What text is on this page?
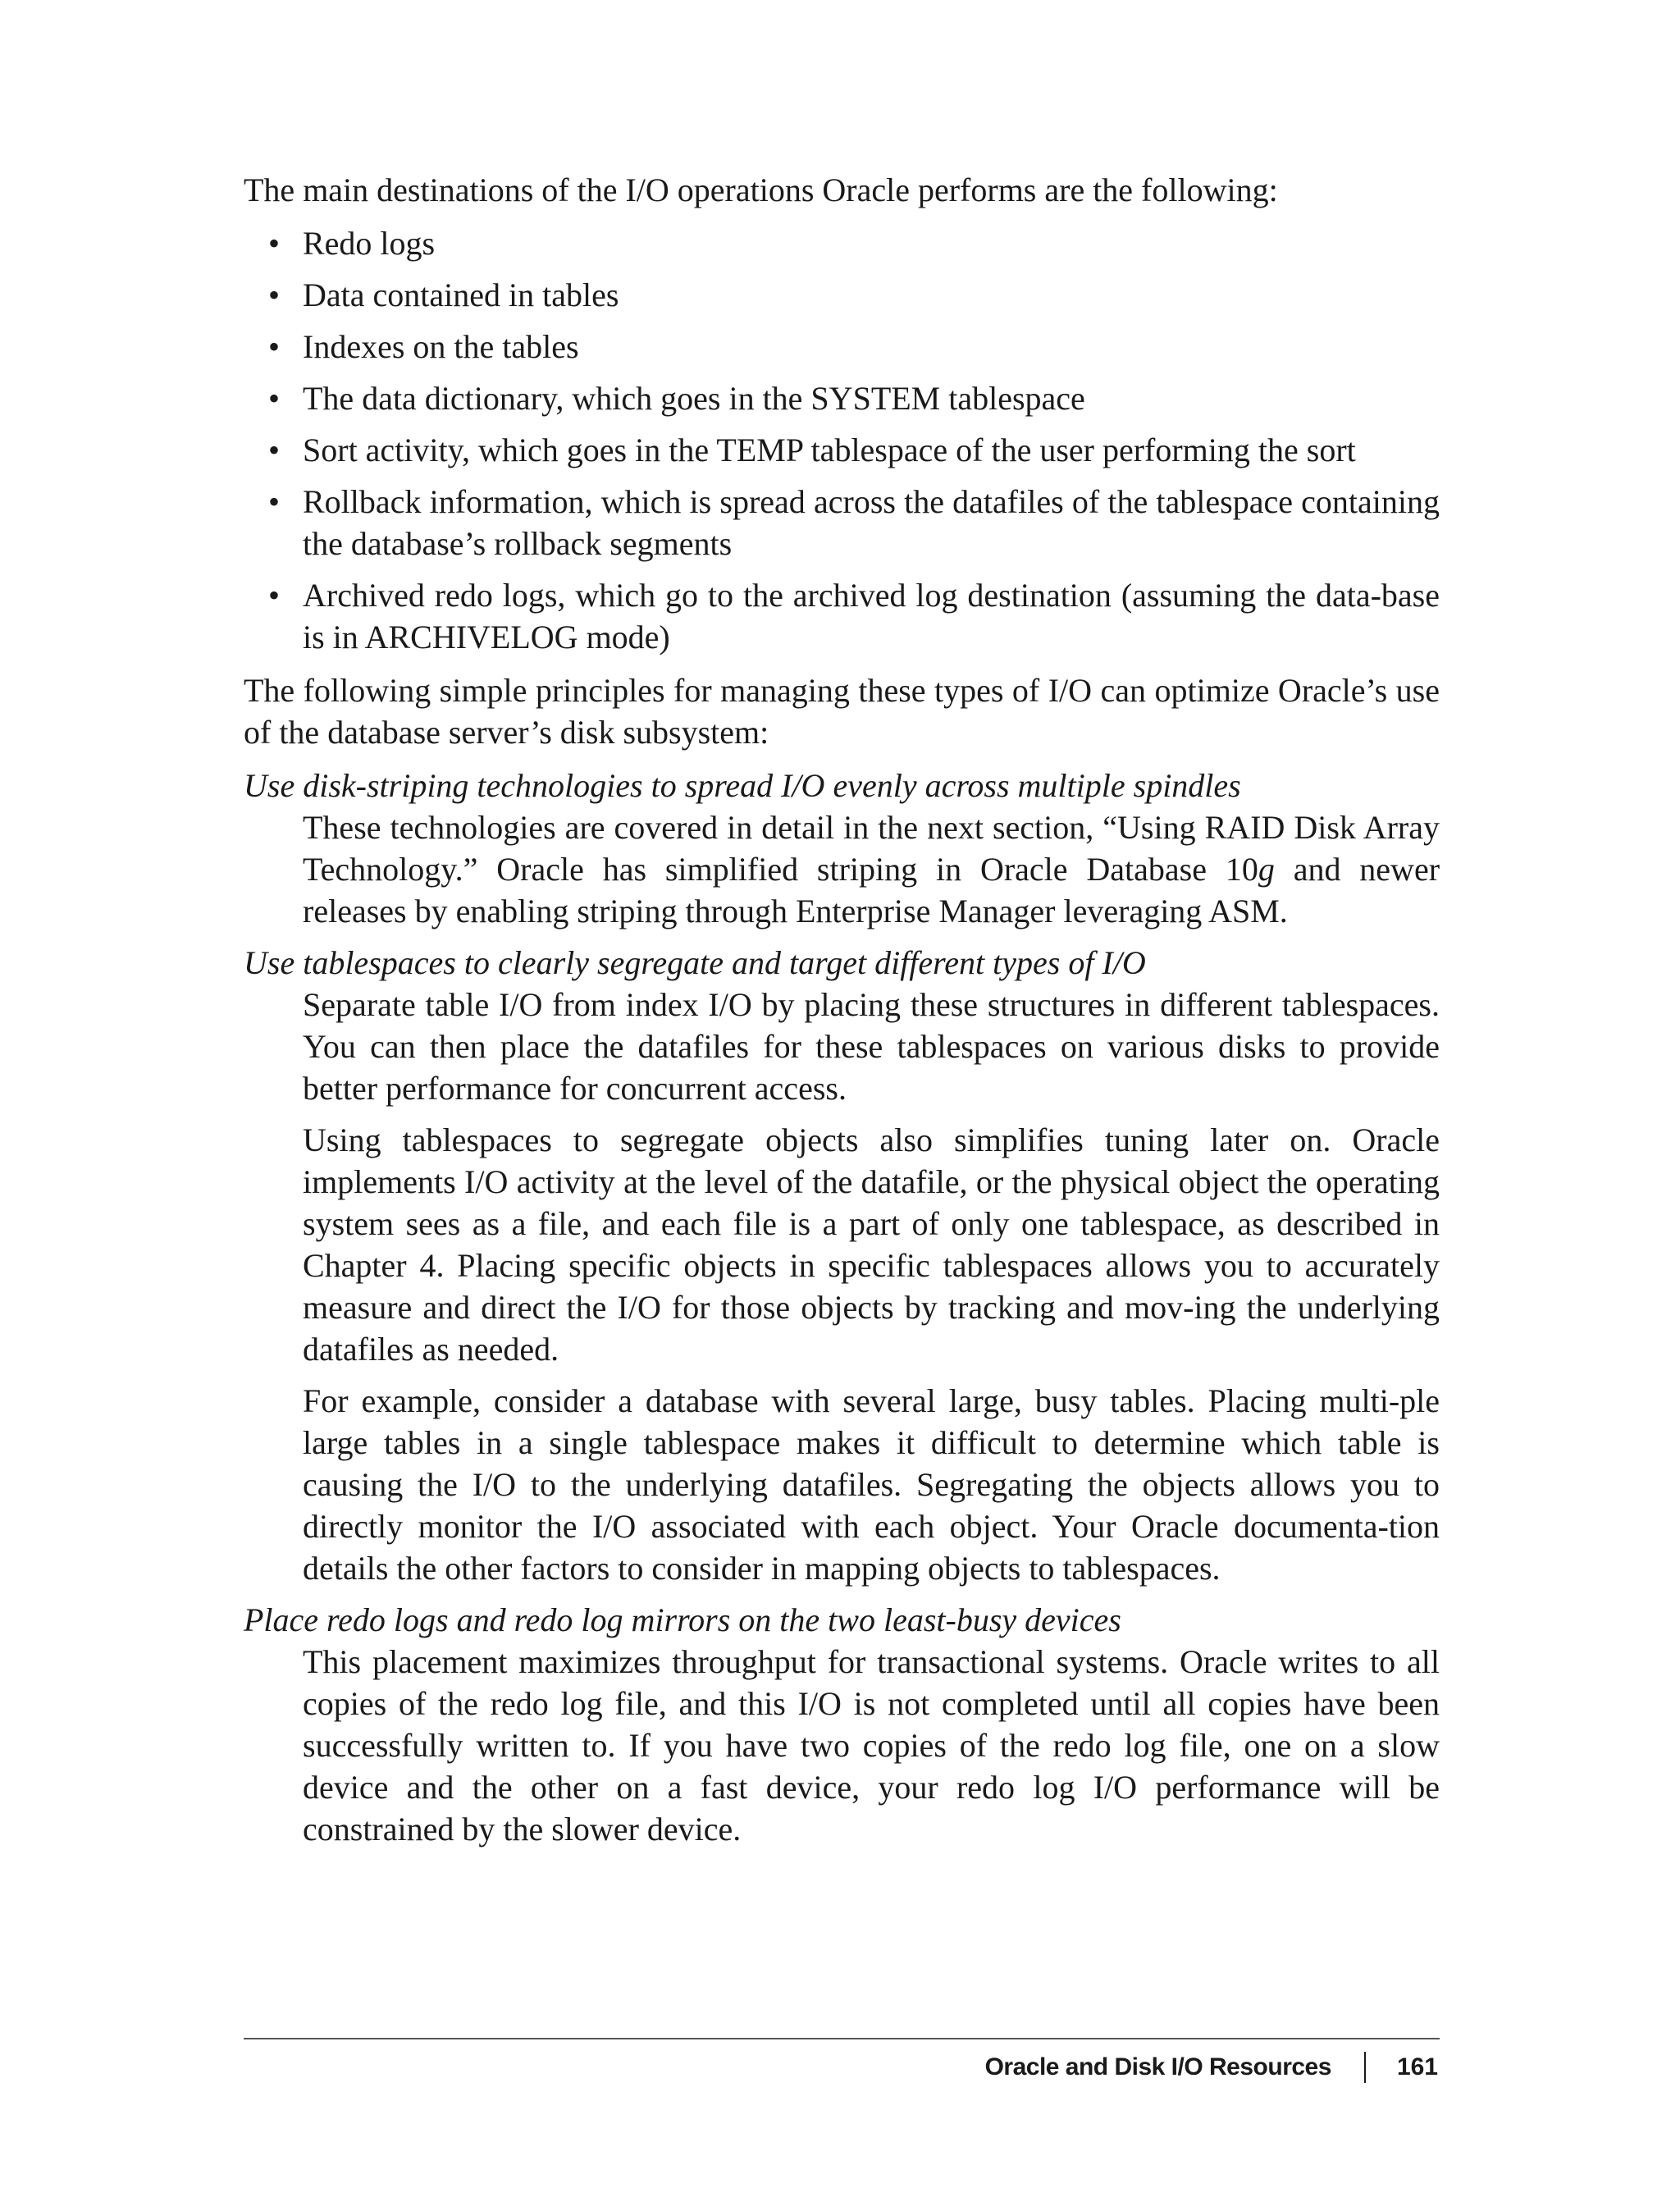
The main destinations of the I/O operations Oracle performs are the following:

• Redo logs
• Data contained in tables
• Indexes on the tables
• The data dictionary, which goes in the SYSTEM tablespace
• Sort activity, which goes in the TEMP tablespace of the user performing the sort
• Rollback information, which is spread across the datafiles of the tablespace containing the database’s rollback segments
• Archived redo logs, which go to the archived log destination (assuming the data-base is in ARCHIVELOG mode)

The following simple principles for managing these types of I/O can optimize Oracle’s use of the database server’s disk subsystem:

Use disk-striping technologies to spread I/O evenly across multiple spindles
These technologies are covered in detail in the next section, “Using RAID Disk Array Technology.” Oracle has simplified striping in Oracle Database 10g and newer releases by enabling striping through Enterprise Manager leveraging ASM.
Use tablespaces to clearly segregate and target different types of I/O
Separate table I/O from index I/O by placing these structures in different tablespaces. You can then place the datafiles for these tablespaces on various disks to provide better performance for concurrent access.
Using tablespaces to segregate objects also simplifies tuning later on. Oracle implements I/O activity at the level of the datafile, or the physical object the operating system sees as a file, and each file is a part of only one tablespace, as described in Chapter 4. Placing specific objects in specific tablespaces allows you to accurately measure and direct the I/O for those objects by tracking and mov-ing the underlying datafiles as needed.
For example, consider a database with several large, busy tables. Placing multi-ple large tables in a single tablespace makes it difficult to determine which table is causing the I/O to the underlying datafiles. Segregating the objects allows you to directly monitor the I/O associated with each object. Your Oracle documenta-tion details the other factors to consider in mapping objects to tablespaces.
Place redo logs and redo log mirrors on the two least-busy devices
This placement maximizes throughput for transactional systems. Oracle writes to all copies of the redo log file, and this I/O is not completed until all copies have been successfully written to. If you have two copies of the redo log file, one on a slow device and the other on a fast device, your redo log I/O performance will be constrained by the slower device.
Oracle and Disk I/O Resources	161
